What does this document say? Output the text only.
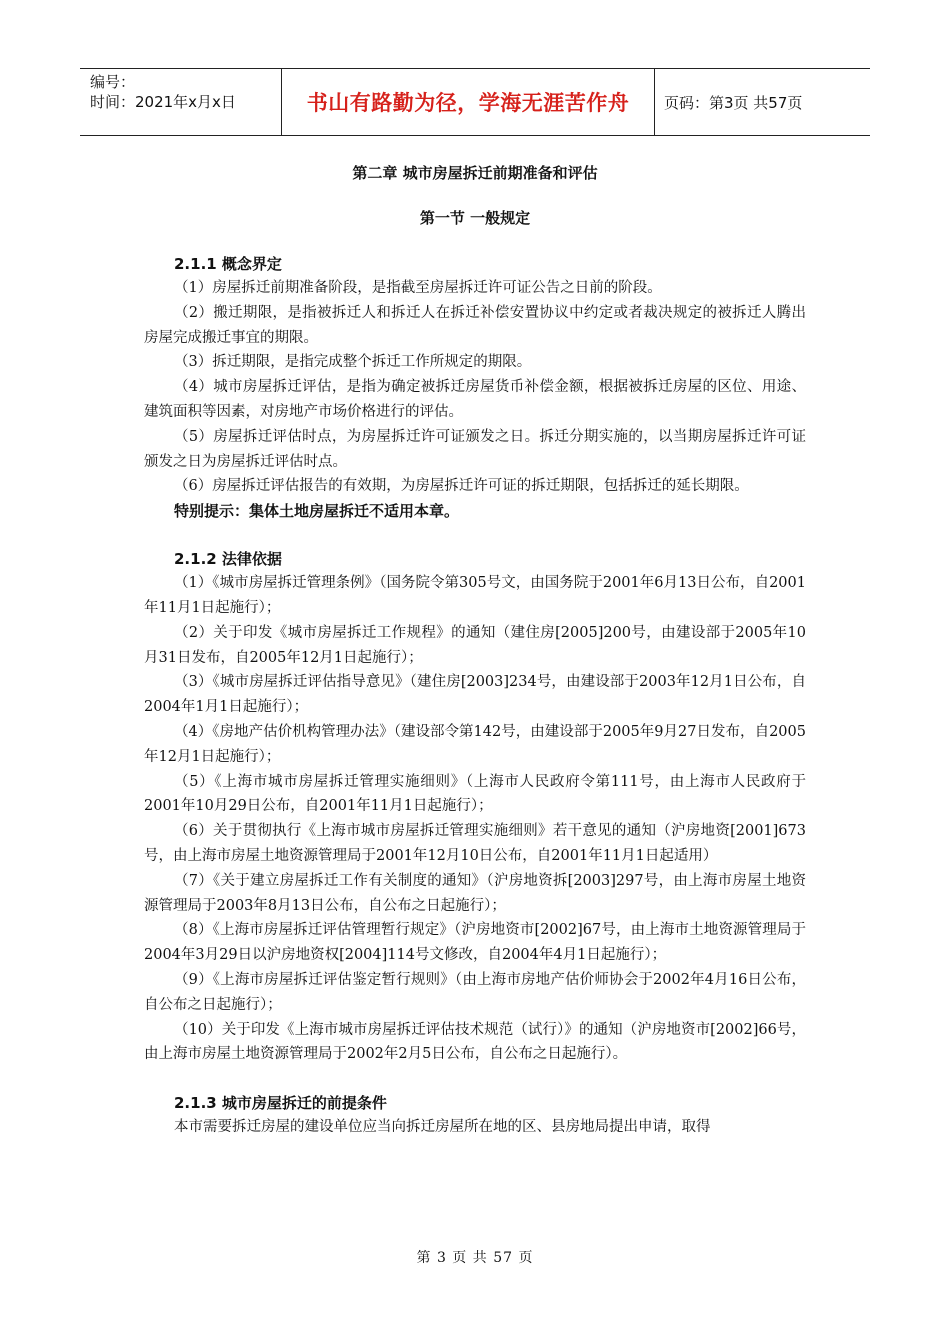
编号：
时间：2021年x月x日	书山有路勤为径，学海无涯苦作舟	页码：第3页 共57页
第二章 城市房屋拆迁前期准备和评估
第一节 一般规定
2.1.1 概念界定

（1）房屋拆迁前期准备阶段，是指截至房屋拆迁许可证公告之日前的阶段。

（2）搬迁期限，是指被拆迁人和拆迁人在拆迁补偿安置协议中约定或者裁决规定的被拆迁人腾出房屋完成搬迁事宜的期限。

（3）拆迁期限，是指完成整个拆迁工作所规定的期限。

（4）城市房屋拆迁评估，是指为确定被拆迁房屋货币补偿金额，根据被拆迁房屋的区位、用途、建筑面积等因素，对房地产市场价格进行的评估。

（5）房屋拆迁评估时点，为房屋拆迁许可证颁发之日。拆迁分期实施的，以当期房屋拆迁许可证颁发之日为房屋拆迁评估时点。

（6）房屋拆迁评估报告的有效期，为房屋拆迁许可证的拆迁期限，包括拆迁的延长期限。

特别提示：集体土地房屋拆迁不适用本章。
2.1.2 法律依据

（1）《城市房屋拆迁管理条例》（国务院令第305号文，由国务院于2001年6月13日公布，自2001年11月1日起施行）；

（2）关于印发《城市房屋拆迁工作规程》的通知（建住房[2005]200号，由建设部于2005年10月31日发布，自2005年12月1日起施行）；

（3）《城市房屋拆迁评估指导意见》（建住房[2003]234号，由建设部于2003年12月1日公布，自2004年1月1日起施行）；

（4）《房地产估价机构管理办法》（建设部令第142号，由建设部于2005年9月27日发布，自2005年12月1日起施行）；

（5）《上海市城市房屋拆迁管理实施细则》（上海市人民政府令第111号，由上海市人民政府于2001年10月29日公布，自2001年11月1日起施行）；

（6）关于贯彻执行《上海市城市房屋拆迁管理实施细则》若干意见的通知（沪房地资[2001]673号，由上海市房屋土地资源管理局于2001年12月10日公布，自2001年11月1日起适用）

（7）《关于建立房屋拆迁工作有关制度的通知》（沪房地资拆[2003]297号，由上海市房屋土地资源管理局于2003年8月13日公布，自公布之日起施行）；

（8）《上海市房屋拆迁评估管理暂行规定》（沪房地资市[2002]67号，由上海市土地资源管理局于2004年3月29日以沪房地资权[2004]114号文修改，自2004年4月1日起施行）；

（9）《上海市房屋拆迁评估鉴定暂行规则》（由上海市房地产估价师协会于2002年4月16日公布，自公布之日起施行）；

（10）关于印发《上海市城市房屋拆迁评估技术规范（试行）》的通知（沪房地资市[2002]66号，由上海市房屋土地资源管理局于2002年2月5日公布，自公布之日起施行）。

2.1.3 城市房屋拆迁的前提条件

本市需要拆迁房屋的建设单位应当向拆迁房屋所在地的区、县房地局提出申请，取得

第 3 页 共 57 页
